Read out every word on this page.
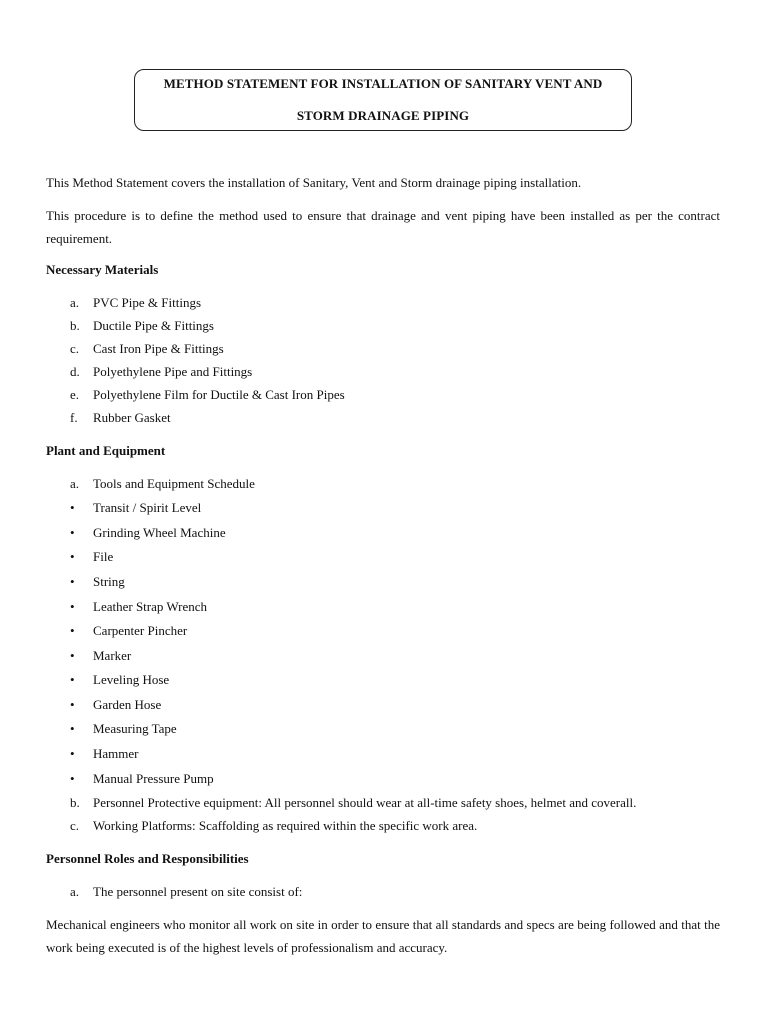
METHOD STATEMENT FOR INSTALLATION OF SANITARY VENT AND
STORM DRAINAGE PIPING

This Method Statement covers the installation of Sanitary, Vent and Storm drainage piping installation.

This procedure is to define the method used to ensure that drainage and vent piping have been installed as per the contract requirement.

Necessary Materials
a.	PVC Pipe & Fittings
b.	Ductile Pipe & Fittings
c.	Cast Iron Pipe & Fittings
d.	Polyethylene Pipe and Fittings
e.	Polyethylene Film for Ductile & Cast Iron Pipes
f.	Rubber Gasket
Plant and Equipment
a.	Tools and Equipment Schedule
• Transit / Spirit Level
• Grinding Wheel Machine
• File
• String
• Leather Strap Wrench
• Carpenter Pincher
• Marker
• Leveling Hose
• Garden Hose
• Measuring Tape
• Hammer
• Manual Pressure Pump
b.	Personnel Protective equipment: All personnel should wear at all-time safety shoes, helmet and coverall.
c.	Working Platforms: Scaffolding as required within the specific work area.
Personnel Roles and Responsibilities
a.	The personnel present on site consist of:

Mechanical engineers who monitor all work on site in order to ensure that all standards and specs are being followed and that the work being executed is of the highest levels of professionalism and accuracy.
